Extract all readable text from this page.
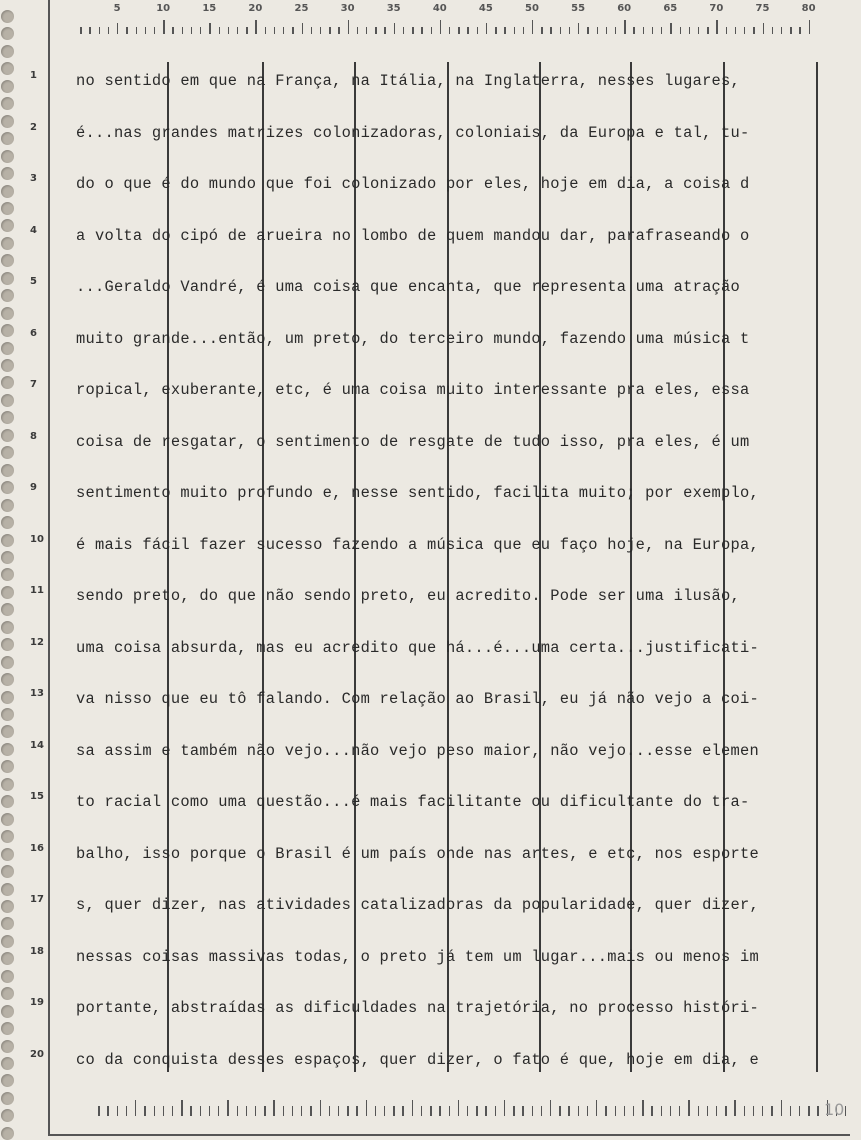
5	10	15	20	25	30	35	40	45	50	55	60	65	70	75	80
1
2
3
4
5
6
7
8
9
10
11
12
13
14
15
16
17
18
19
20
no sentido em que na França, na Itália, na Inglaterra, nesses lugares,
é...nas grandes matrizes colonizadoras, coloniais, da Europa e tal, tu-
do o que é do mundo que foi colonizado por eles, hoje em dia, a coisa d
a volta do cipó de arueira no lombo de quem mandou dar, parafraseando o
...Geraldo Vandré, é uma coisa que encanta, que representa uma atração
muito grande...então, um preto, do terceiro mundo, fazendo uma música t
ropical, exuberante, etc, é uma coisa muito interessante pra eles, essa
coisa de resgatar, o sentimento de resgate de tudo isso, pra eles, é um
sentimento muito profundo e, nesse sentido, facilita muito; por exemplo,
é mais fácil fazer sucesso fazendo a música que eu faço hoje, na Europa,
sendo preto, do que não sendo preto, eu acredito. Pode ser uma ilusão,
uma coisa absurda, mas eu acredito que há...é...uma certa...justificati-
va nisso que eu tô falando. Com relação ao Brasil, eu já não vejo a coi-
sa assim e também não vejo...não vejo peso maior, não vejo...esse elemen
to racial como uma questão...é mais facilitante ou dificultante do tra-
balho, isso porque o Brasil é um país onde nas artes, e etc, nos esporte
s, quer dizer, nas atividades catalizadoras da popularidade, quer dizer,
nessas coisas massivas todas, o preto já tem um lugar...mais ou menos im
portante, abstraídas as dificuldades na trajetória, no processo históri-
co da conquista desses espaços, quer dizer, o fato é que, hoje em dia, e
10
